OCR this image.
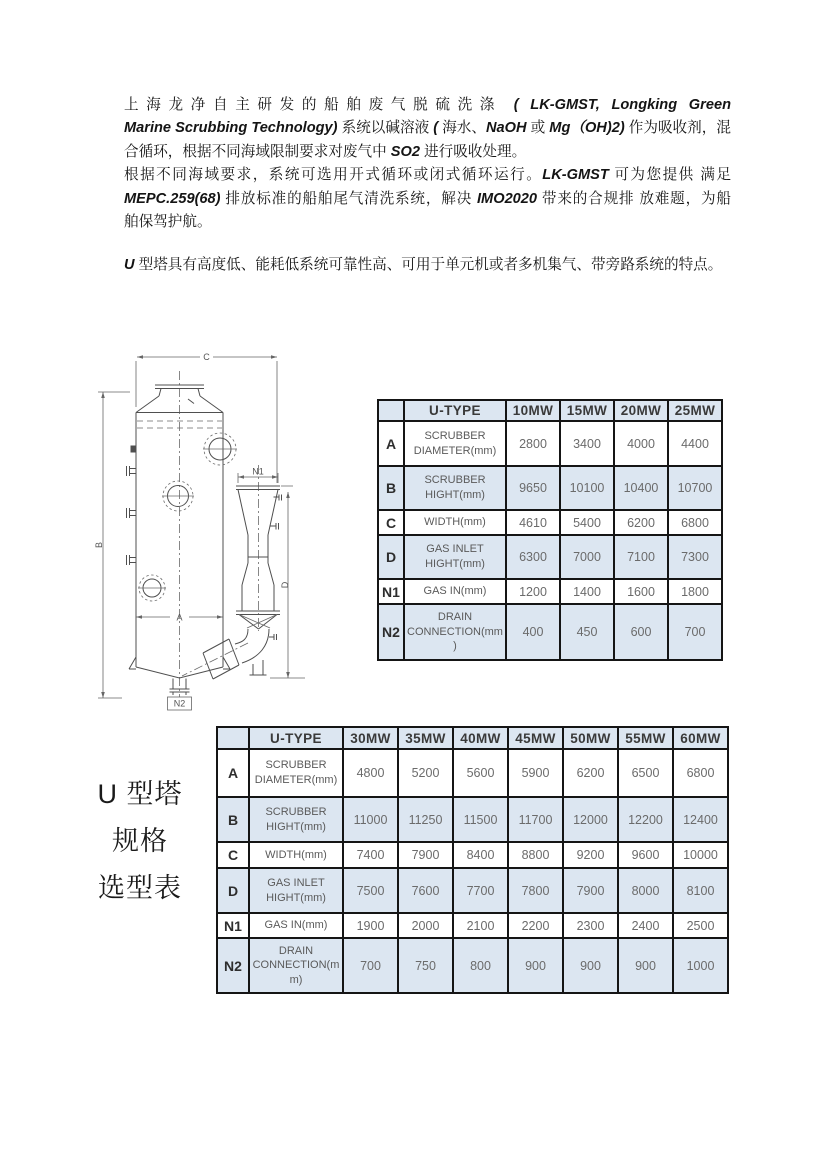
上海龙净自主研发的船舶废气脱硫洗涤 ( LK-GMST, Longking Green
Marine Scrubbing Technology) 系统以碱溶液 ( 海水、NaOH 或 Mg（OH)2) 作为吸收剂，混
合循环，根据不同海域限制要求对废气中 SO2 进行吸收处理。
根据不同海域要求，系统可选用开式循环或闭式循环运行。LK-GMST 可为您提供 满足
MEPC.259(68) 排放标准的船舶尾气清洗系统，解决 IMO2020 带来的合规排 放难题，为船
舶保驾护航。
U 型塔具有高度低、能耗低系统可靠性高、可用于单元机或者多机集气、带旁路系统的特点。
N2
C
B
A
N1
D
	U-TYPE	10MW	15MW	20MW	25MW
A	SCRUBBER DIAMETER(mm)	2800	3400	4000	4400
B	SCRUBBER HIGHT(mm)	9650	10100	10400	10700
C	WIDTH(mm)	4610	5400	6200	6800
D	GAS INLET HIGHT(mm)	6300	7000	7100	7300
N1	GAS IN(mm)	1200	1400	1600	1800
N2	DRAIN CONNECTION(mm)	400	450	600	700
U 型塔
规格
选型表
	U-TYPE	30MW	35MW	40MW	45MW	50MW	55MW	60MW
A	SCRUBBER DIAMETER(mm)	4800	5200	5600	5900	6200	6500	6800
B	SCRUBBER HIGHT(mm)	11000	11250	11500	11700	12000	12200	12400
C	WIDTH(mm)	7400	7900	8400	8800	9200	9600	10000
D	GAS INLET HIGHT(mm)	7500	7600	7700	7800	7900	8000	8100
N1	GAS IN(mm)	1900	2000	2100	2200	2300	2400	2500
N2	DRAIN CONNECTION(mm)	700	750	800	900	900	900	1000
